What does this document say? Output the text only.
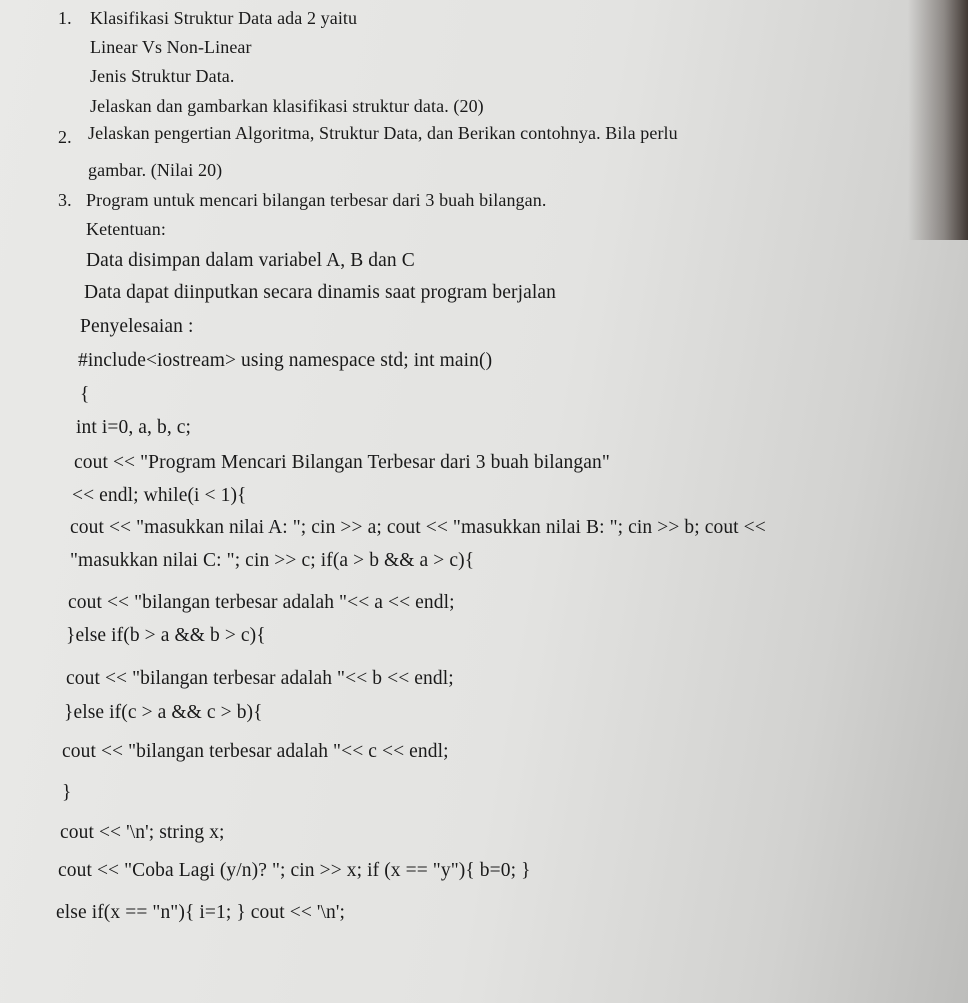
1. Klasifikasi Struktur Data ada 2 yaitu
Linear Vs Non-Linear
Jenis Struktur Data.
Jelaskan dan gambarkan klasifikasi struktur data. (20)
2. Jelaskan pengertian Algoritma, Struktur Data, dan Berikan contohnya. Bila perlu
gambar. (Nilai 20)
3. Program untuk mencari bilangan terbesar dari 3 buah bilangan.
Ketentuan:
Data disimpan dalam variabel A, B dan C
Data dapat diinputkan secara dinamis saat program berjalan
Penyelesaian :
#include<iostream> using namespace std; int main()
{
int i=0, a, b, c;
cout << "Program Mencari Bilangan Terbesar dari 3 buah bilangan"
<< endl; while(i < 1){
cout << "masukkan nilai A: "; cin >> a; cout << "masukkan nilai B: "; cin >> b; cout <<
"masukkan nilai C: "; cin >> c; if(a > b && a > c){
cout << "bilangan terbesar adalah "<< a << endl;
}else if(b > a && b > c){
cout << "bilangan terbesar adalah "<< b << endl;
}else if(c > a && c > b){
cout << "bilangan terbesar adalah "<< c << endl;
}
cout << '\n'; string x;
cout << "Coba Lagi (y/n)? "; cin >> x; if (x == "y"){ b=0; }
else if(x == "n"){ i=1; } cout << '\n';
